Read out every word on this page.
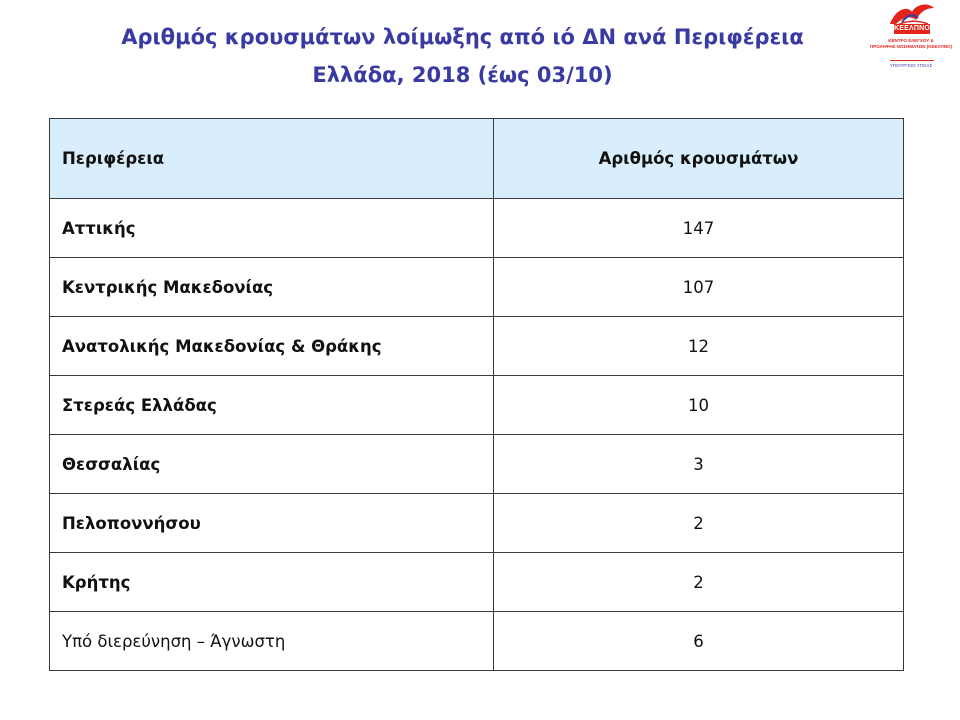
Αριθμός κρουσμάτων λοίμωξης από ιό ΔΝ ανά Περιφέρεια
Ελλάδα, 2018 (έως 03/10)
ΚΕΕΛΠΝΟ
ΚΕΝΤΡΟ ΕΛΕΓΧΟΥ &
ΠΡΟΛΗΨΗΣ ΝΟΣΗΜΑΤΩΝ (ΚΕΕΛΠΝΟ)
ΥΠΟΥΡΓΕΙΟ ΥΓΕΙΑΣ
Περιφέρεια	Αριθμός κρουσμάτων
Αττικής	147
Κεντρικής Μακεδονίας	107
Ανατολικής Μακεδονίας & Θράκης	12
Στερεάς Ελλάδας	10
Θεσσαλίας	3
Πελοποννήσου	2
Κρήτης	2
Υπό διερεύνηση – Άγνωστη	6
